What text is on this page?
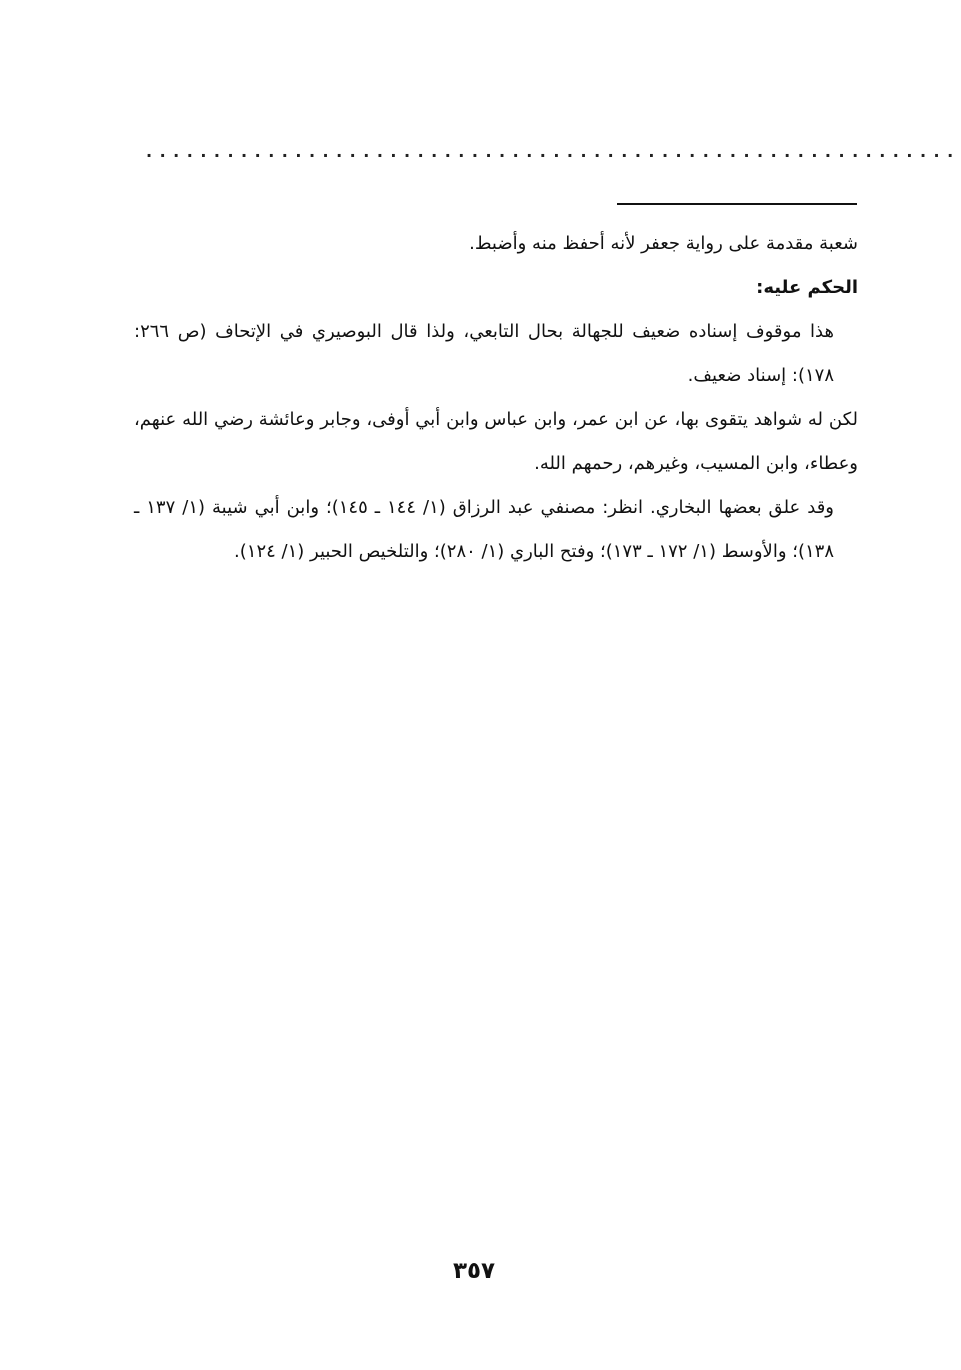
............................................................

شعبة مقدمة على رواية جعفر لأنه أحفظ منه وأضبط.

الحكم عليه:

هذا موقوف إسناده ضعيف للجهالة بحال التابعي، ولذا قال البوصيري في الإتحاف (ص ٢٦٦: ١٧٨): إسناد ضعيف.

لكن له شواهد يتقوى بها، عن ابن عمر، وابن عباس وابن أبي أوفى، وجابر وعائشة رضي الله عنهم، وعطاء، وابن المسيب، وغيرهم، رحمهم الله.

وقد علق بعضها البخاري. انظر: مصنفي عبد الرزاق (١/ ١٤٤ ـ ١٤٥)؛ وابن أبي شيبة (١/ ١٣٧ ـ ١٣٨)؛ والأوسط (١/ ١٧٢ ـ ١٧٣)؛ وفتح الباري (١/ ٢٨٠)؛ والتلخيص الحبير (١/ ١٢٤).

٣٥٧
